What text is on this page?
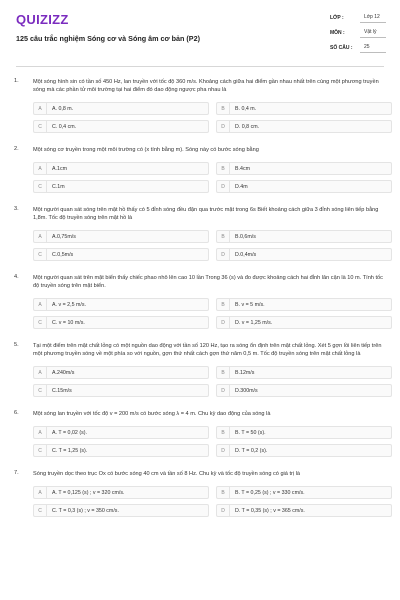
QUIZIZZ
125 câu trắc nghiệm Sóng cơ và Sóng âm cơ bản (P2)
LỚP :	Lớp 12
MÔN :	Vật lý
SỐ CÂU :	25
1.	Một sóng hình sin có tần số 450 Hz, lan truyền với tốc độ 360 m/s. Khoảng cách giữa hai điểm gần nhau nhất trên cùng một phương truyền sóng mà các phần tử môi trường tại hai điểm đó dao động ngược pha nhau là

A	A. 0,8 m.	B	B. 0,4 m.
C	C. 0,4 cm.	D	D. 0,8 cm.
2.	Một sóng cơ truyền trong một môi trường có (x tính bằng m). Sóng này có bước sóng bằng

A	A.1cm	B	B.4cm
C	C.1m	D	D.4m
3.	Một người quan sát sóng trên mặt hồ thấy có 5 đỉnh sóng đều đặn qua trước mặt trong 6s Biết khoảng cách giữa 3 đỉnh sóng liên tiếp bằng 1,8m. Tốc độ truyền sóng trên mặt hồ là

A	A.0,75m/s	B	B.0,6m/s
C	C.0,5m/s	D	D.0,4m/s
4.	Một người quan sát trên mặt biển thấy chiếc phao nhô lên cao 10 lần Trong 36 (s) và đo được khoảng cách hai đỉnh lân cận là 10 m. Tính tốc độ truyền sóng trên mặt biển.

A	A. v = 2,5 m/s.	B	B. v = 5 m/s.
C	C. v = 10 m/s.	D	D. v = 1,25 m/s.
5.	Tại một điểm trên mặt chất lỏng có một nguồn dao động với tần số 120 Hz, tạo ra sóng ổn định trên mặt chất lỏng. Xét 5 gợn lồi liên tiếp trên một phương truyền sóng về một phía so với nguồn, gợn thứ nhất cách gợn thứ năm 0,5 m. Tốc độ truyền sóng trên mặt chất lỏng là

A	A.240m/s	B	B.12m/s
C	C.15m/s	D	D.300m/s
6.	Một sóng lan truyền với tốc độ v = 200 m/s có bước sóng λ = 4 m. Chu kỳ dao động của sóng là

A	A. T = 0,02 (s).	B	B. T = 50 (s).
C	C. T = 1,25 (s).	D	D. T = 0,2 (s).
7.	Sóng truyền dọc theo trục Ox có bước sóng 40 cm và tần số 8 Hz. Chu kỳ và tốc độ truyền sóng có giá trị là

A	A. T = 0,125 (s) ; v = 320 cm/s.	B	B. T = 0,25 (s) ; v = 330 cm/s.
C	C. T = 0,3 (s) ; v = 350 cm/s.	D	D. T = 0,35 (s) ; v = 365 cm/s.
